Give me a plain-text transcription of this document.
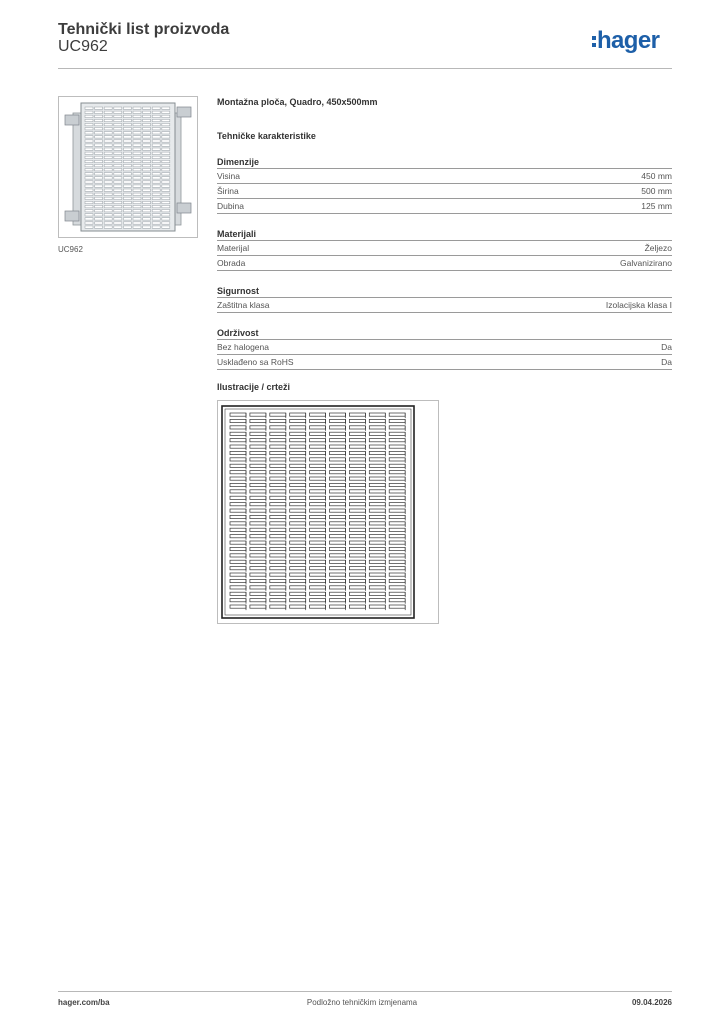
Tehnički list proizvoda
UC962	hager
UC962
Montažna ploča, Quadro, 450x500mm
Tehničke karakteristike
Dimenzije
Visina	450 mm
Širina	500 mm
Dubina	125 mm
Materijali
Materijal	Željezo
Obrada	Galvanizirano
Sigurnost
Zaštitna klasa	Izolacijska klasa I
Održivost
Bez halogena	Da
Usklađeno sa RoHS	Da
Ilustracije / crteži
hager.com/ba	Podložno tehničkim izmjenama	09.04.2026
